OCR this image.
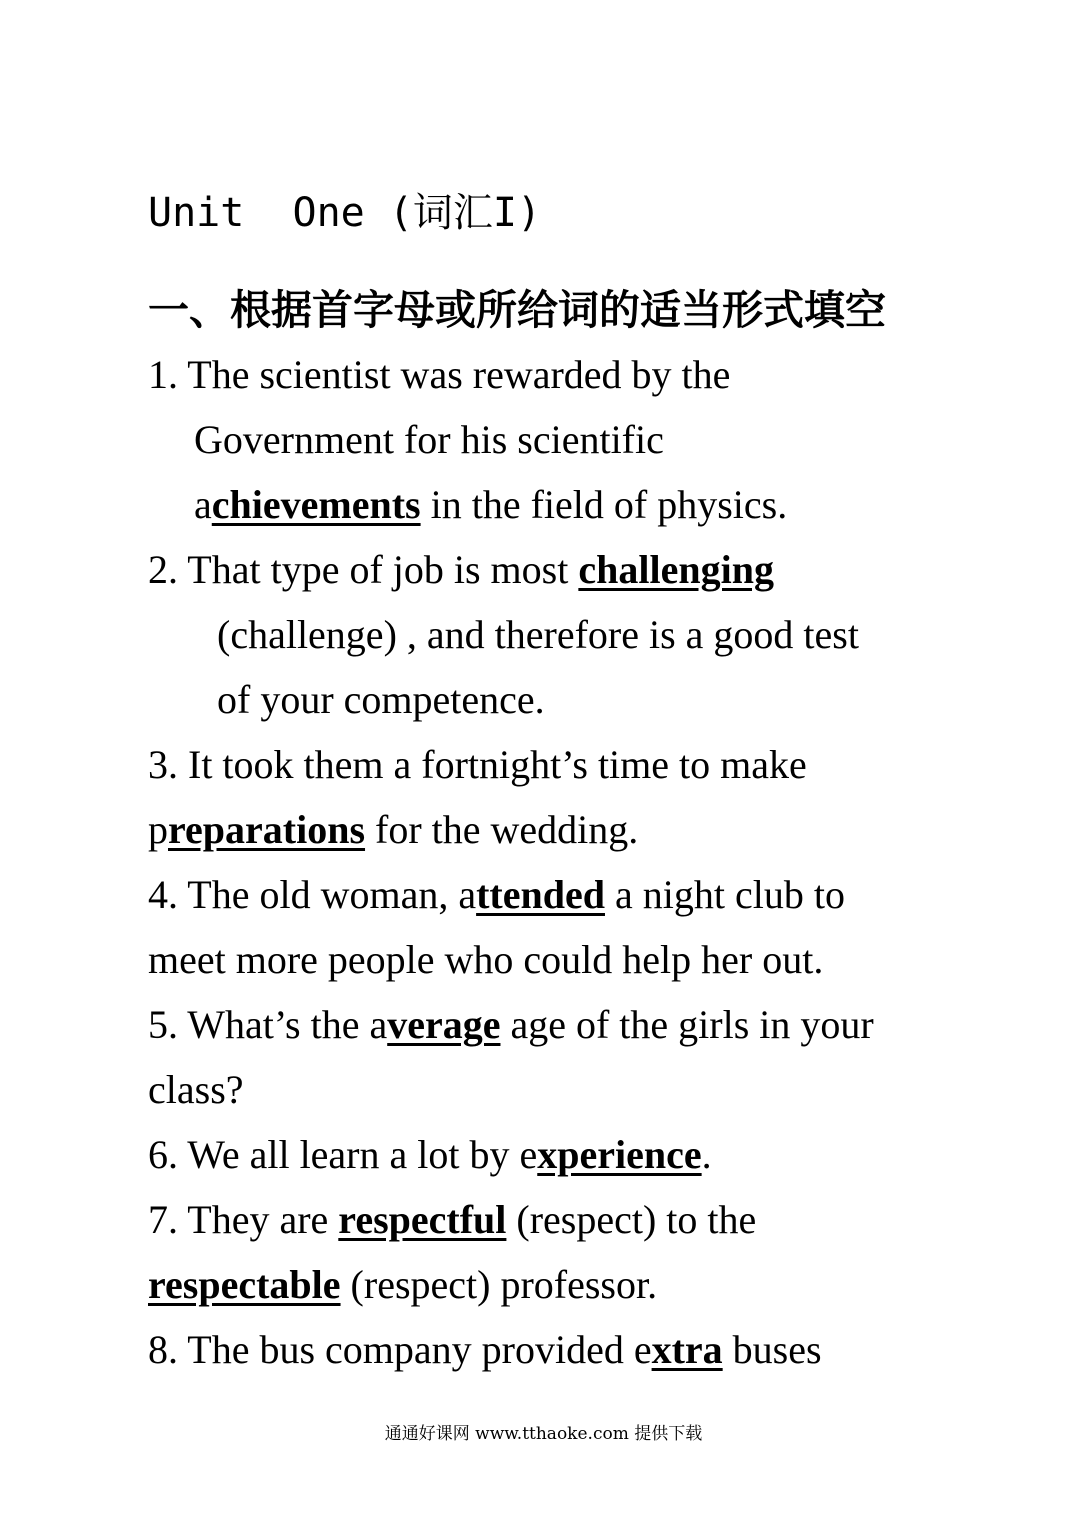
Unit  One (词汇I)
一、根据首字母或所给词的适当形式填空
1. The scientist was rewarded by the
Government for his scientific
achievements in the field of physics.
2. That type of job is most challenging
(challenge) , and therefore is a good test
of your competence.
3. It took them a fortnight’s time to make
preparations for the wedding.
4. The old woman, attended a night club to
meet more people who could help her out.
5. What’s the average age of the girls in your
class?
6. We all learn a lot by experience.
7. They are respectful (respect) to the
respectable (respect) professor.
8. The bus company provided extra buses
通通好课网 www.tthaoke.com 提供下载
